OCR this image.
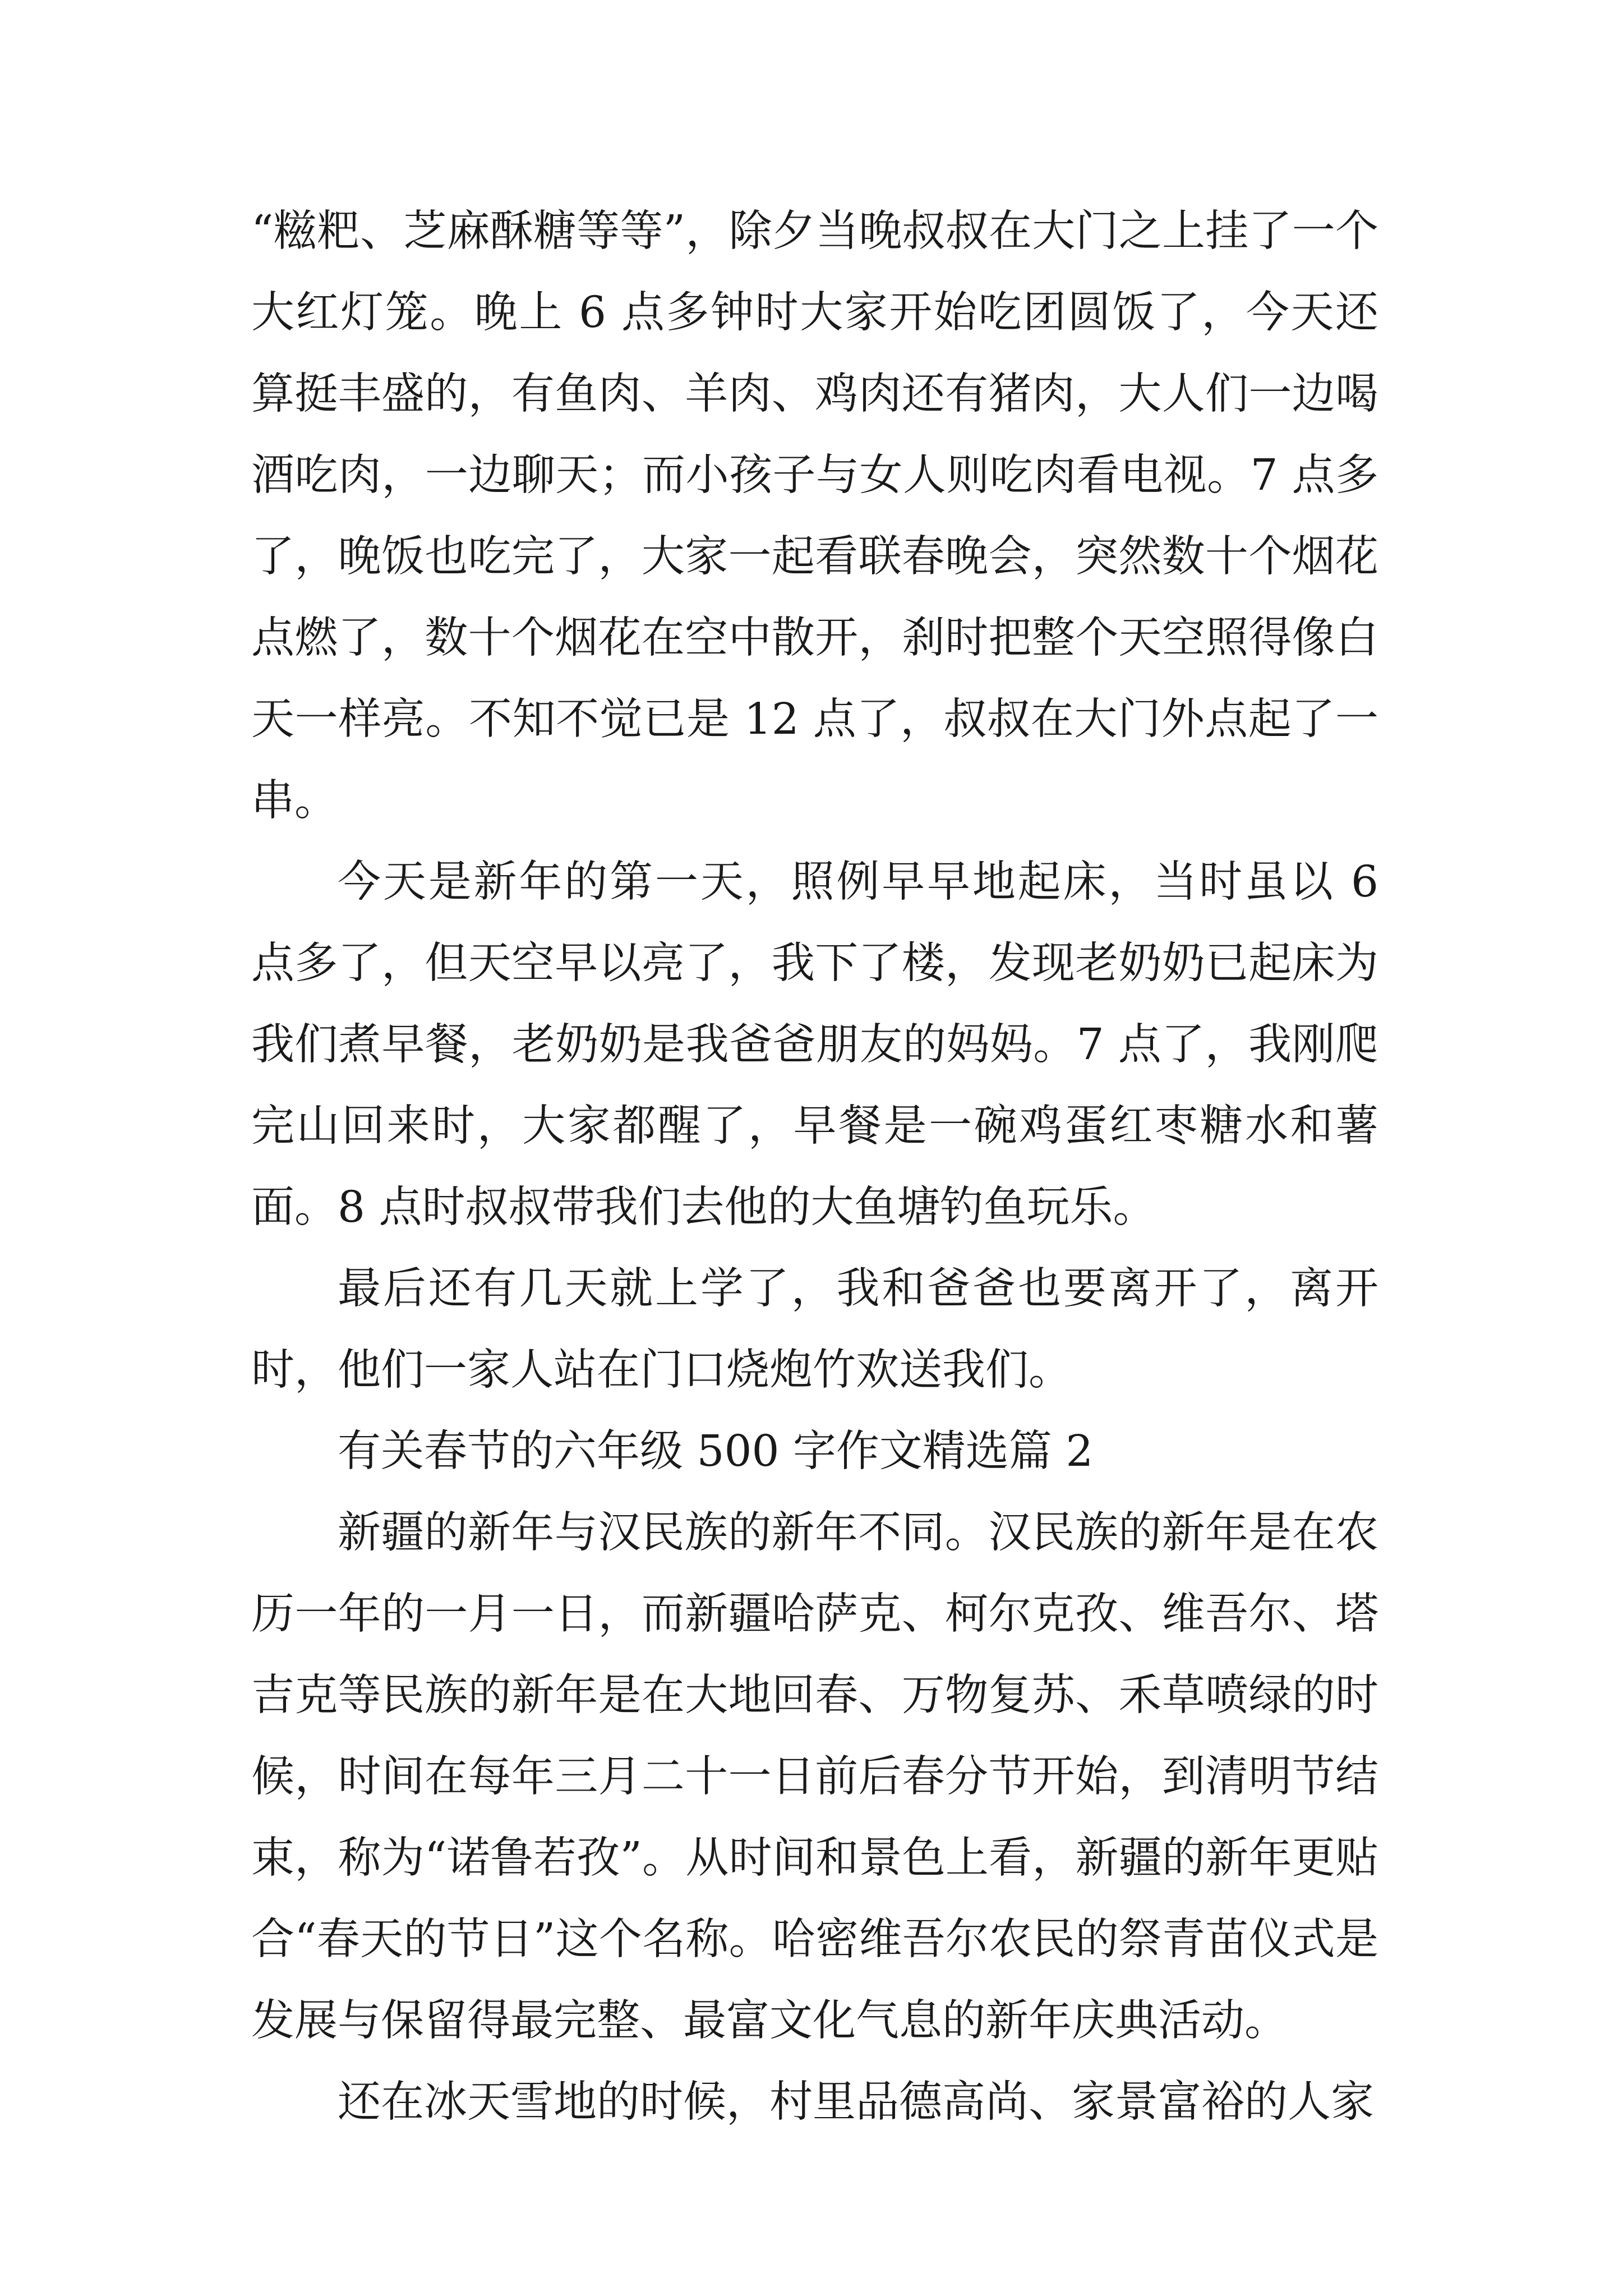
“糍粑、芝麻酥糖等等”，除夕当晚叔叔在大门之上挂了一个大红灯笼。晚上 6 点多钟时大家开始吃团圆饭了，今天还算挺丰盛的，有鱼肉、羊肉、鸡肉还有猪肉，大人们一边喝酒吃肉，一边聊天；而小孩子与女人则吃肉看电视。7 点多了，晚饭也吃完了，大家一起看联春晚会，突然数十个烟花点燃了，数十个烟花在空中散开，刹时把整个天空照得像白天一样亮。不知不觉已是 12 点了，叔叔在大门外点起了一串。

今天是新年的第一天，照例早早地起床，当时虽以 6 点多了，但天空早以亮了，我下了楼，发现老奶奶已起床为我们煮早餐，老奶奶是我爸爸朋友的妈妈。7 点了，我刚爬完山回来时，大家都醒了，早餐是一碗鸡蛋红枣糖水和薯面。8 点时叔叔带我们去他的大鱼塘钓鱼玩乐。

最后还有几天就上学了，我和爸爸也要离开了，离开时，他们一家人站在门口烧炮竹欢送我们。

有关春节的六年级 500 字作文精选篇 2

新疆的新年与汉民族的新年不同。汉民族的新年是在农历一年的一月一日，而新疆哈萨克、柯尔克孜、维吾尔、塔吉克等民族的新年是在大地回春、万物复苏、禾草喷绿的时候，时间在每年三月二十一日前后春分节开始，到清明节结束，称为“诺鲁若孜”。从时间和景色上看，新疆的新年更贴合“春天的节日”这个名称。哈密维吾尔农民的祭青苗仪式是发展与保留得最完整、最富文化气息的新年庆典活动。

还在冰天雪地的时候，村里品德高尚、家景富裕的人家
